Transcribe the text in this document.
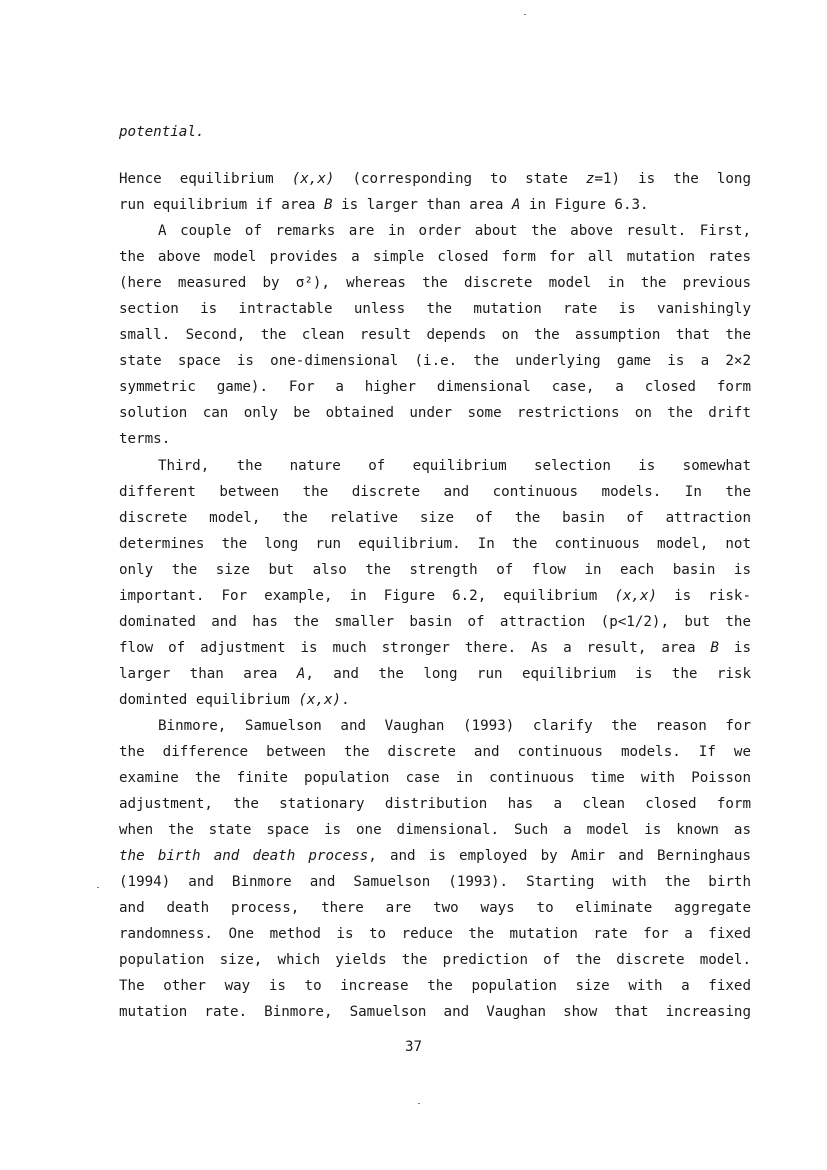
potential.
Hence equilibrium (x,x) (corresponding to state z=1) is the long
run equilibrium if area B is larger than area A in Figure 6.3.
A couple of remarks are in order about the above result. First,
the above model provides a simple closed form for all mutation rates
(here measured by σ²), whereas the discrete model in the previous
section is intractable unless the mutation rate is vanishingly
small. Second, the clean result depends on the assumption that the
state space is one-dimensional (i.e. the underlying game is a 2×2
symmetric game). For a higher dimensional case, a closed form
solution can only be obtained under some restrictions on the drift
terms.
Third, the nature of equilibrium selection is somewhat
different between the discrete and continuous models. In the
discrete model, the relative size of the basin of attraction
determines the long run equilibrium. In the continuous model, not
only the size but also the strength of flow in each basin is
important. For example, in Figure 6.2, equilibrium (x,x) is risk-
dominated and has the smaller basin of attraction (p<1/2), but the
flow of adjustment is much stronger there. As a result, area B is
larger than area A, and the long run equilibrium is the risk
dominted equilibrium (x,x).
Binmore, Samuelson and Vaughan (1993) clarify the reason for
the difference between the discrete and continuous models. If we
examine the finite population case in continuous time with Poisson
adjustment, the stationary distribution has a clean closed form
when the state space is one dimensional. Such a model is known as
the birth and death process, and is employed by Amir and Berninghaus
(1994) and Binmore and Samuelson (1993). Starting with the birth
and death process, there are two ways to eliminate aggregate
randomness. One method is to reduce the mutation rate for a fixed
population size, which yields the prediction of the discrete model.
The other way is to increase the population size with a fixed
mutation rate. Binmore, Samuelson and Vaughan show that increasing
37
